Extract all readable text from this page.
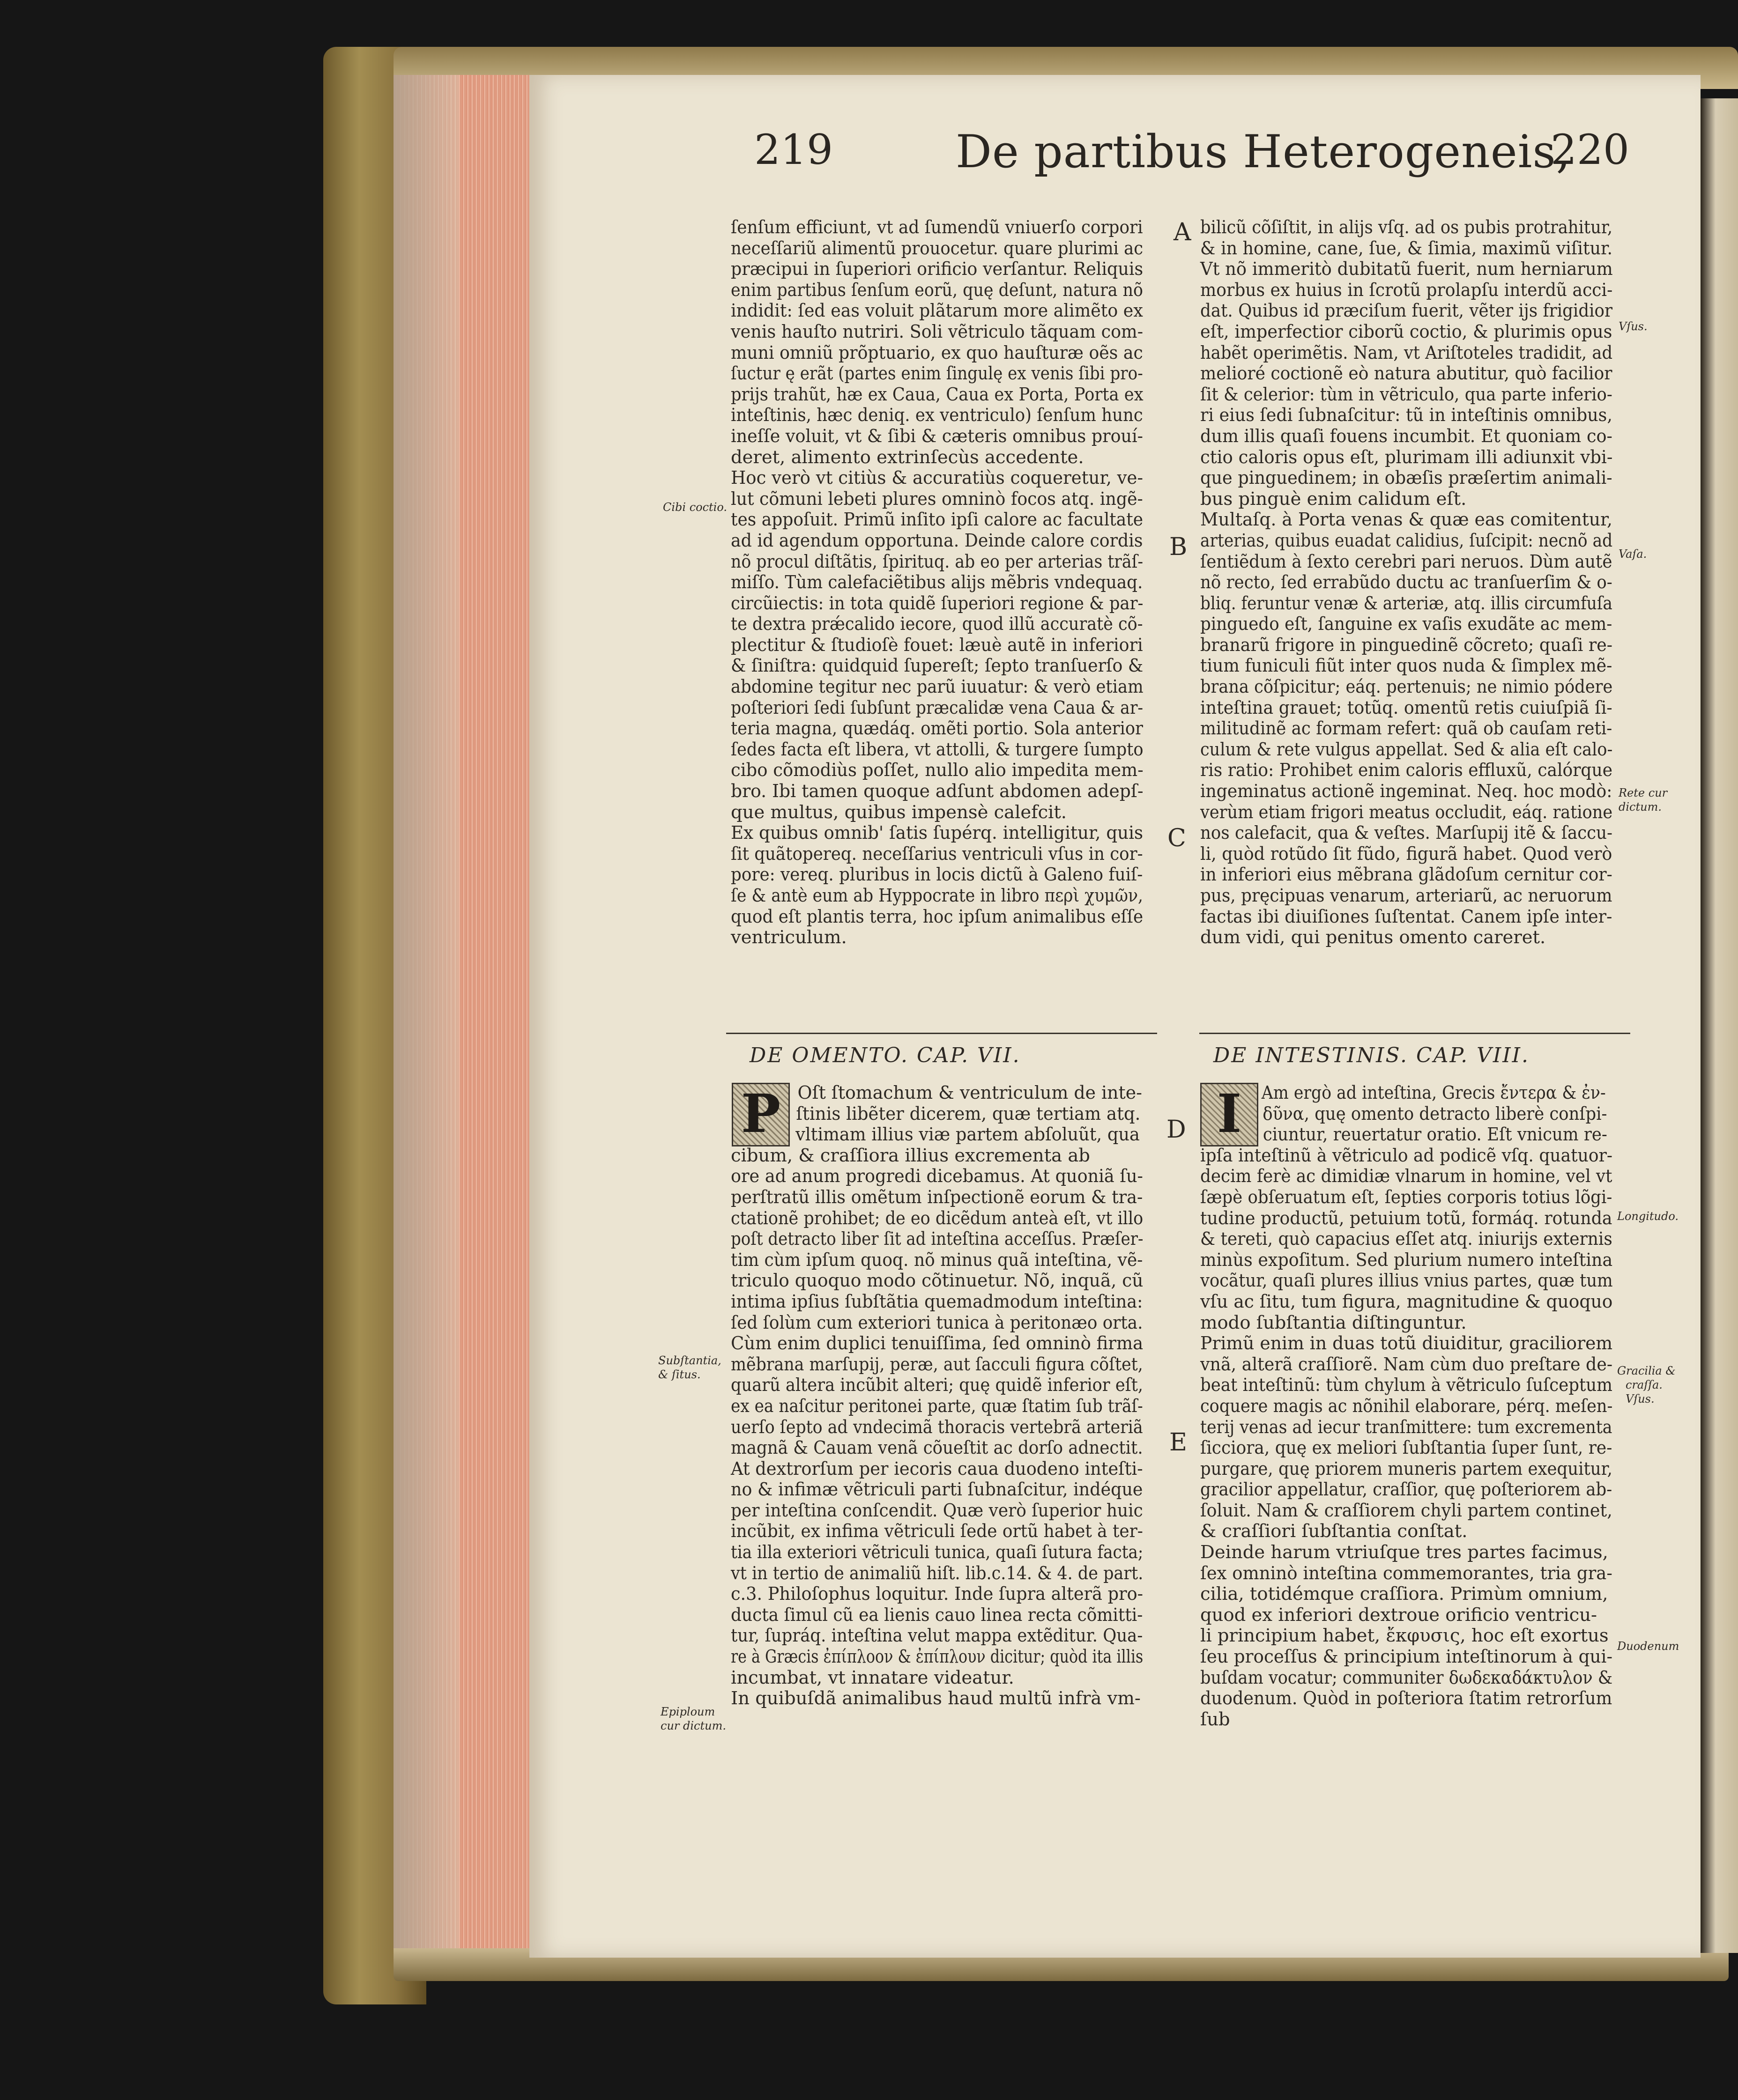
219	De partibus Heterogeneis,
220
ſenſum efficiunt, vt ad ſumendũ vniuerſo corpori
neceſſariũ alimentũ prouocetur. quare plurimi ac
præcipui in ſuperiori orificio verſantur. Reliquis
enim partibus ſenſum eorũ, quę deſunt, natura nõ
indidit: ſed eas voluit plãtarum more alimẽto ex
venis hauſto nutriri. Soli vẽtriculo tãquam com-
muni omniũ prõptuario, ex quo hauſturæ oẽs ac
ſuctur ę erãt (partes enim ſingulę ex venis ſibi pro-
prijs trahũt, hæ ex Caua, Caua ex Porta, Porta ex
inteſtinis, hæc deniq. ex ventriculo) ſenſum hunc
ineſſe voluit, vt & ſibi & cæteris omnibus prouí-
deret, alimento extrinſecùs accedente.
Hoc verò vt citiùs & accuratiùs coqueretur, ve-
lut cõmuni lebeti plures omninò focos atq. ingẽ-
tes appoſuit. Primũ inſito ipſi calore ac facultate
ad id agendum opportuna. Deinde calore cordis
nõ procul diſtãtis, ſpirituq. ab eo per arterias trãſ-
miſſo. Tùm calefaciẽtibus alijs mẽbris vndequaq.
circũiectis: in tota quidẽ ſuperiori regione & par-
te dextra prǽcalido iecore, quod illũ accuratè cõ-
plectitur & ſtudioſè fouet: læuè autẽ in inferiori
& ſiniſtra: quidquid ſupereſt; ſepto tranſuerſo &
abdomine tegitur nec parũ iuuatur: & verò etiam
poſteriori ſedi ſubſunt præcalidæ vena Caua & ar-
teria magna, quædáq. omẽti portio. Sola anterior
ſedes facta eſt libera, vt attolli, & turgere ſumpto
cibo cõmodiùs poſſet, nullo alio impedita mem-
bro. Ibi tamen quoque adſunt abdomen adepſ-
que multus, quibus impensè calefcit.
Ex quibus omnib' ſatis ſupérq. intelligitur, quis
ſit quãtopereq. neceſſarius ventriculi vſus in cor-
pore: vereq. pluribus in locis dictũ à Galeno fuiſ-
ſe & antè eum ab Hyppocrate in libro περὶ χυμῶν,
quod eſt plantis terra, hoc ipſum animalibus eſſe
ventriculum.
bilicũ cõſiſtit, in alijs vſq. ad os pubis protrahitur,
& in homine, cane, ſue, & ſimia, maximũ viſitur.
Vt nõ immeritò dubitatũ fuerit, num herniarum
morbus ex huius in ſcrotũ prolapſu interdũ acci-
dat. Quibus id præciſum fuerit, vẽter ijs frigidior
eſt, imperfectior ciborũ coctio, & plurimis opus
habẽt operimẽtis. Nam, vt Ariſtoteles tradidit, ad
melioré coctionẽ eò natura abutitur, quò facilior
ſit & celerior: tùm in vẽtriculo, qua parte inferio-
ri eius ſedi ſubnaſcitur: tũ in inteſtinis omnibus,
dum illis quaſi fouens incumbit. Et quoniam co-
ctio caloris opus eſt, plurimam illi adiunxit vbi-
que pinguedinem; in obæſis præſertim animali-
bus pinguè enim calidum eſt.
Multaſq. à Porta venas & quæ eas comitentur,
arterias, quibus euadat calidius, ſuſcipit: necnõ ad
ſentiẽdum à ſexto cerebri pari neruos. Dùm autẽ
nõ recto, ſed errabũdo ductu ac tranſuerſim & o-
bliq. feruntur venæ & arteriæ, atq. illis circumfuſa
pinguedo eſt, ſanguine ex vaſis exudãte ac mem-
branarũ frigore in pinguedinẽ cõcreto; quaſi re-
tium funiculi fiũt inter quos nuda & ſimplex mẽ-
brana cõſpicitur; eáq. pertenuis; ne nimio pódere
inteſtina grauet; totũq. omentũ retis cuiuſpiã ſi-
militudinẽ ac formam refert: quã ob cauſam reti-
culum & rete vulgus appellat. Sed & alia eſt calo-
ris ratio: Prohibet enim caloris effluxũ, calórque
ingeminatus actionẽ ingeminat. Neq. hoc modò:
verùm etiam frigori meatus occludit, eáq. ratione
nos calefacit, qua & veſtes. Marſupij itẽ & ſaccu-
li, quòd rotũdo ſit fũdo, figurã habet. Quod verò
in inferiori eius mẽbrana glãdoſum cernitur cor-
pus, pręcipuas venarum, arteriarũ, ac neruorum
factas ibi diuiſiones ſuſtentat. Canem ipſe inter-
dum vidi, qui penitus omento careret.
DE OMENTO. CAP. VII.	DE INTESTINIS. CAP. VIII.
P	I
Oſt ſtomachum & ventriculum de inte-
ſtinis libẽter dicerem, quæ tertiam atq.
vltimam illius viæ partem abſoluũt, qua
cibum, & craſſiora illius excrementa ab
ore ad anum progredi dicebamus. At quoniã ſu-
perſtratũ illis omẽtum inſpectionẽ eorum & tra-
ctationẽ prohibet; de eo dicẽdum anteà eſt, vt illo
poſt detracto liber ſit ad inteſtina acceſſus. Præſer-
tim cùm ipſum quoq. nõ minus quã inteſtina, vẽ-
triculo quoquo modo cõtinuetur. Nõ, inquã, cũ
intima ipſius ſubſtãtia quemadmodum inteſtina:
ſed ſolùm cum exteriori tunica à peritonæo orta.
Cùm enim duplici tenuiſſima, ſed omninò firma
mẽbrana marſupij, peræ, aut ſacculi figura cõſtet,
quarũ altera incũbit alteri; quę quidẽ inferior eſt,
ex ea naſcitur peritonei parte, quæ ſtatim ſub trãſ-
uerſo ſepto ad vndecimã thoracis vertebrã arteriã
magnã & Cauam venã cõueſtit ac dorſo adnectit.
At dextrorſum per iecoris caua duodeno inteſti-
no & infimæ vẽtriculi parti ſubnaſcitur, indéque
per inteſtina conſcendit. Quæ verò ſuperior huic
incũbit, ex infima vẽtriculi ſede ortũ habet à ter-
tia illa exteriori vẽtriculi tunica, quaſi ſutura facta;
vt in tertio de animaliũ hiſt. lib.c.14. & 4. de part.
c.3. Philoſophus loquitur. Inde ſupra alterã pro-
ducta ſimul cũ ea lienis cauo linea recta cõmitti-
tur, ſupráq. inteſtina velut mappa extẽditur. Qua-
re à Græcis ἐπίπλοον & ἐπίπλουν dicitur; quòd ita illis
incumbat, vt innatare videatur.
In quibuſdã animalibus haud multũ infrà vm-
Am ergò ad inteſtina, Grecis ἔντερα & ἐν-
δῦνα, quę omento detracto liberè conſpi-
ciuntur, reuertatur oratio. Eſt vnicum re-
ipſa inteſtinũ à vẽtriculo ad podicẽ vſq. quatuor-
decim ferè ac dimidiæ vlnarum in homine, vel vt
ſæpè obſeruatum eſt, ſepties corporis totius lõgi-
tudine productũ, petuium totũ, formáq. rotunda
& tereti, quò capacius eſſet atq. iniurijs externis
minùs expoſitum. Sed plurium numero inteſtina
vocãtur, quaſi plures illius vnius partes, quæ tum
vſu ac ſitu, tum figura, magnitudine & quoquo
modo ſubſtantia diſtinguntur.
Primũ enim in duas totũ diuiditur, graciliorem
vnã, alterã craſſiorẽ. Nam cùm duo preſtare de-
beat inteſtinũ: tùm chylum à vẽtriculo ſuſceptum
coquere magis ac nõnihil elaborare, pérq. meſen-
terij venas ad iecur tranſmittere: tum excrementa
ſicciora, quę ex meliori ſubſtantia ſuper ſunt, re-
purgare, quę priorem muneris partem exequitur,
gracilior appellatur, craſſior, quę poſteriorem ab-
ſoluit. Nam & craſſiorem chyli partem continet,
& craſſiori ſubſtantia conſtat.
Deinde harum vtriuſque tres partes facimus,
ſex omninò inteſtina commemorantes, tria gra-
cilia, totidémque craſſiora. Primùm omnium,
quod ex inferiori dextroue orificio ventricu-
li principium habet, ἔκφυσις, hoc eſt exortus
ſeu proceſſus & principium inteſtinorum à qui-
buſdam vocatur; communiter δωδεκαδάκτυλον &
duodenum. Quòd in poſteriora ſtatim retrorſum
ſub
A
B
C
D
E
Cibi coctio.
Subſtantia,
& ſitus.
Epiploum
cur dictum.
Vſus.
Vaſa.
Rete cur
dictum.
Longitudo.
Gracilia &
craſſa.
Vſus.
Duodenum
